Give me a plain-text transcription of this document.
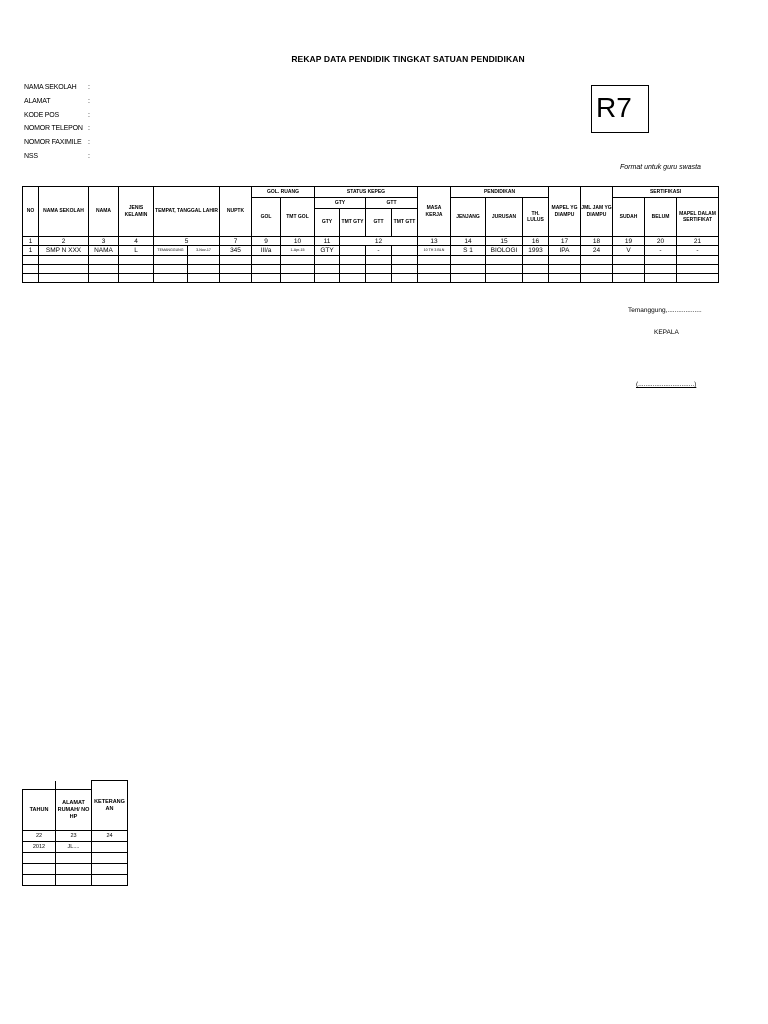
REKAP DATA PENDIDIK TINGKAT SATUAN PENDIDIKAN
NAMA SEKOLAH	:
ALAMAT	:
KODE POS	:
NOMOR TELEPON :
NOMOR FAXIMILE :
NSS	:
R7
Format untuk guru swasta
NO	NAMA SEKOLAH	NAMA	JENIS KELAMIN	TEMPAT, TANGGAL LAHIR		NUPTK	GOL. RUANG		STATUS KEPEG				MASA KERJA	PENDIDIKAN			MAPEL YG DIAMPU	JML JAM YG DIAMPU	SERTIFIKASI		
							GOL	TMT GOL	GTY		GTT			JENJANG	JURUSAN	TH. LULUS			SUDAH	BELUM	MAPEL DALAM SERTIFIKAT
									GTY	TMT GTY	GTT	TMT GTT									
1	2	3	4	5		7	9	10	11	12			13	14	15	16	17	18	19	20	21
1	SMP N XXX	NAMA	L	TEMANGGUNG	3-Nov-17	345	III/a	1-Apr-15	GTY		-		10 TH 3 BLN	S 1	BIOLOGI	1993	IPA	24	V	-	-

Temanggung,...................
KEPALA
(...............................)
		KETERANG AN
TAHUN	ALAMAT RUMAH/ NO HP	
22	23	24
2012	JL....	
